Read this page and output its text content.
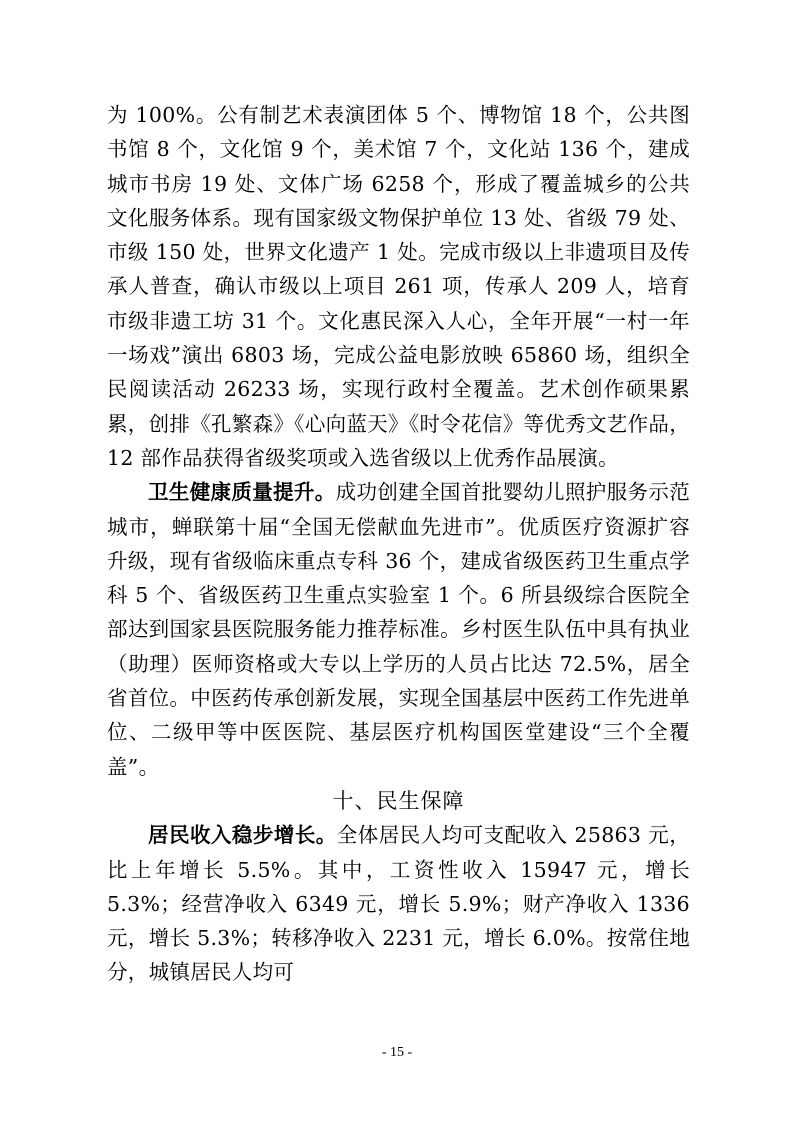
为 100%。公有制艺术表演团体 5 个、博物馆 18 个，公共图书馆 8 个，文化馆 9 个，美术馆 7 个，文化站 136 个，建成城市书房 19 处、文体广场 6258 个，形成了覆盖城乡的公共文化服务体系。现有国家级文物保护单位 13 处、省级 79 处、市级 150 处，世界文化遗产 1 处。完成市级以上非遗项目及传承人普查，确认市级以上项目 261 项，传承人 209 人，培育市级非遗工坊 31 个。文化惠民深入人心，全年开展“一村一年一场戏”演出 6803 场，完成公益电影放映 65860 场，组织全民阅读活动 26233 场，实现行政村全覆盖。艺术创作硕果累累，创排《孔繁森》《心向蓝天》《时令花信》等优秀文艺作品，12 部作品获得省级奖项或入选省级以上优秀作品展演。

卫生健康质量提升。成功创建全国首批婴幼儿照护服务示范城市，蝉联第十届“全国无偿献血先进市”。优质医疗资源扩容升级，现有省级临床重点专科 36 个，建成省级医药卫生重点学科 5 个、省级医药卫生重点实验室 1 个。6 所县级综合医院全部达到国家县医院服务能力推荐标准。乡村医生队伍中具有执业（助理）医师资格或大专以上学历的人员占比达 72.5%，居全省首位。中医药传承创新发展，实现全国基层中医药工作先进单位、二级甲等中医医院、基层医疗机构国医堂建设“三个全覆盖”。

十、民生保障

居民收入稳步增长。全体居民人均可支配收入 25863 元，比上年增长 5.5%。其中，工资性收入 15947 元，增长 5.3%；经营净收入 6349 元，增长 5.9%；财产净收入 1336 元，增长 5.3%；转移净收入 2231 元，增长 6.0%。按常住地分，城镇居民人均可

- 15 -
